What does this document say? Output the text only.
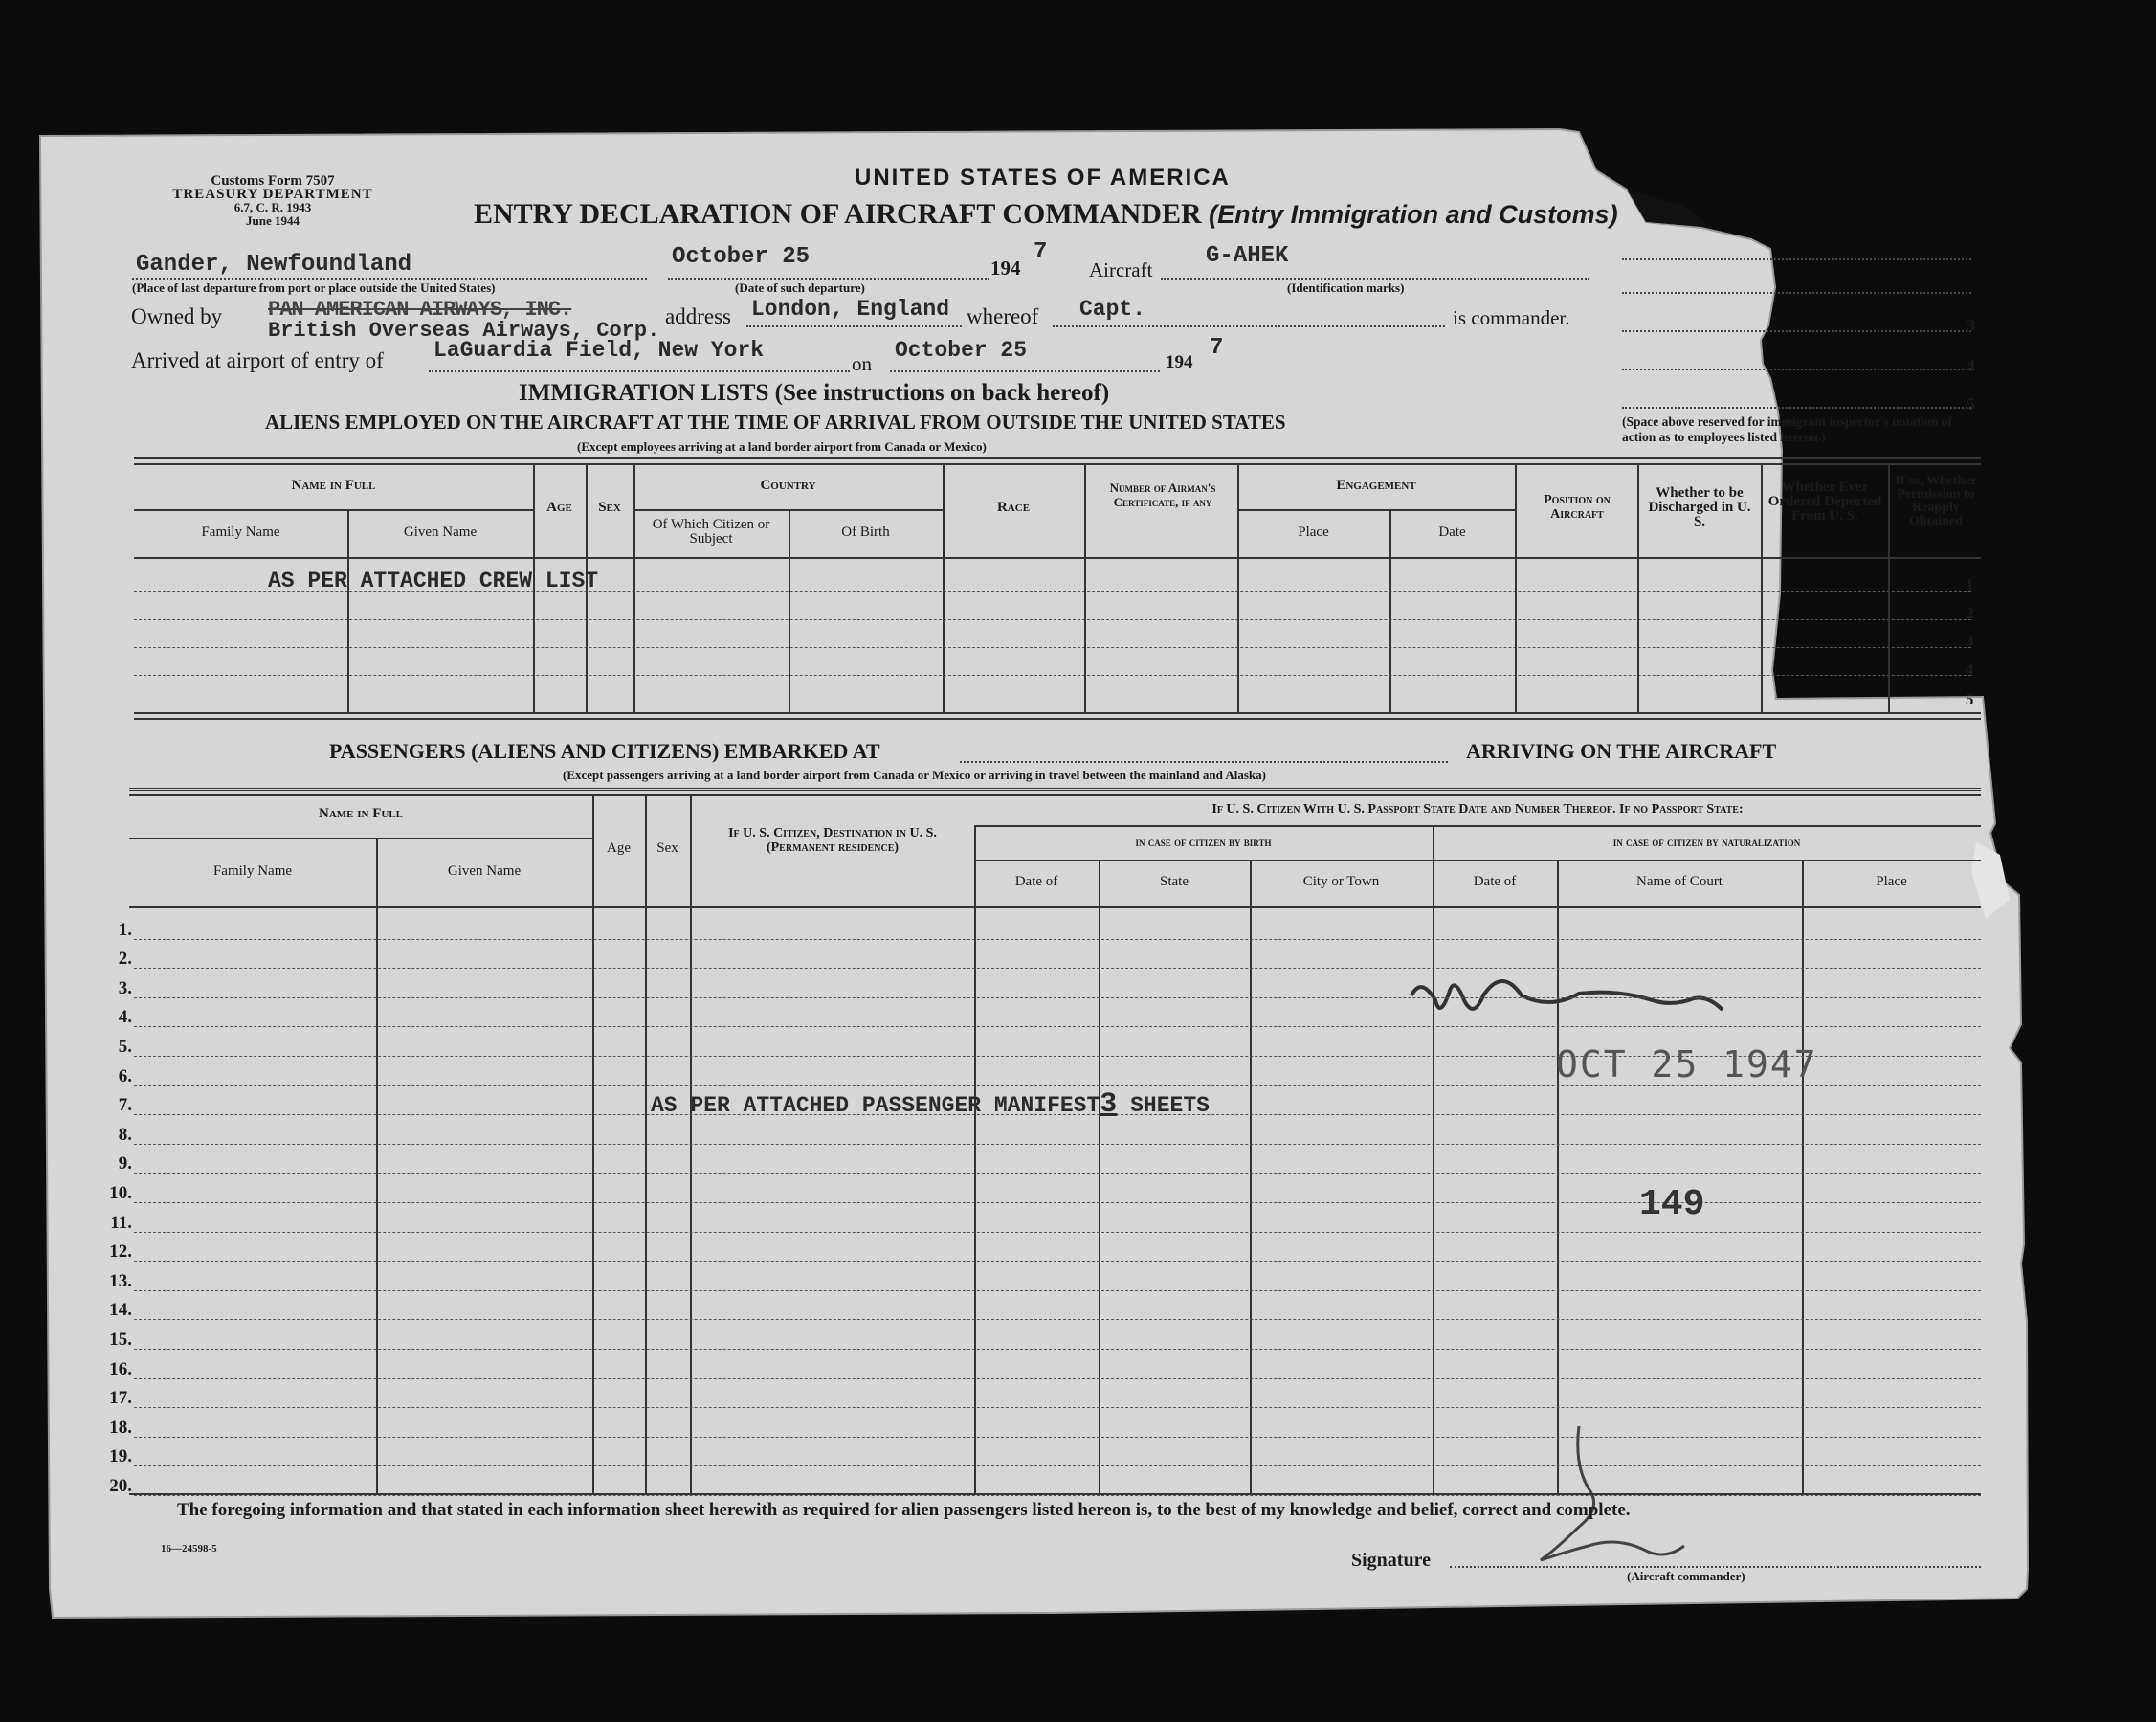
Customs Form 7507
TREASURY DEPARTMENT
6.7, C. R. 1943
June 1944
UNITED STATES OF AMERICA
ENTRY DECLARATION OF AIRCRAFT COMMANDER (Entry Immigration and Customs)
Gander, Newfoundland
(Place of last departure from port or place outside the United States)
October 25
(Date of such departure)
194
7
Aircraft
G-AHEK
(Identification marks)
Owned by PAN AMERICAN AIRWAYS, INC.
British Overseas Airways, Corp.
address London, England whereof Capt.	is commander.
Arrived at airport of entry of LaGuardia Field, New York
on
October 25	194
7
3
4
5
(Space above reserved for immigrant inspector's notation of action as to employees listed hereon.)
IMMIGRATION LISTS (See instructions on back hereof)
ALIENS EMPLOYED ON THE AIRCRAFT AT THE TIME OF ARRIVAL FROM OUTSIDE THE UNITED STATES
(Except employees arriving at a land border airport from Canada or Mexico)
Name in Full
Family Name	Given Name
Age	Sex
Country
Of Which Citizen or Subject	Of Birth
Race
Number of Airman's Certificate, if any
Engagement
Place	Date
Position on Aircraft
Whether to be Discharged in U. S.
Whether Ever Ordered Deported From U. S.
If so, Whether Permission to Reapply Obtained
AS PER ATTACHED CREW LIST	1
2
3
4
5
PASSENGERS (ALIENS AND CITIZENS) EMBARKED AT	ARRIVING ON THE AIRCRAFT
(Except passengers arriving at a land border airport from Canada or Mexico or arriving in travel between the mainland and Alaska)
Name in Full
Family Name	Given Name
Age	Sex
If U. S. Citizen, Destination in U. S. (Permanent residence)
If U. S. Citizen With U. S. Passport State Date and Number Thereof. If no Passport State:
in case of citizen by birth	in case of citizen by naturalization
Date of	State	City or Town	Date of	Name of Court	Place
1.
2.
3.
4.
5.
6.
7.
8.
9.
10.
11.
12.
13.
14.
15.
16.
17.
18.
19.
20.
AS PER ATTACHED PASSENGER MANIFEST3 SHEETS
OCT 25 1947
149
The foregoing information and that stated in each information sheet herewith as required for alien passengers listed hereon is, to the best of my knowledge and belief, correct and complete.
16—24598-5
Signature
(Aircraft commander)
